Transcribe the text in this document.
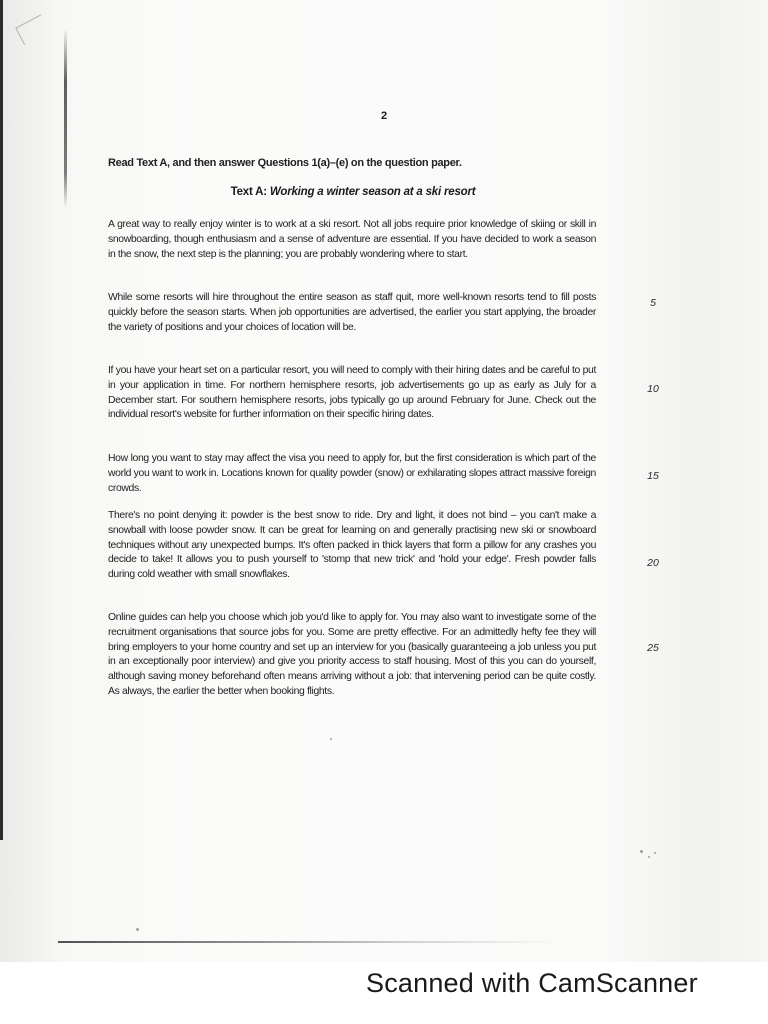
2
Read Text A, and then answer Questions 1(a)–(e) on the question paper.
Text A: Working a winter season at a ski resort
A great way to really enjoy winter is to work at a ski resort. Not all jobs require prior knowledge of skiing or skill in snowboarding, though enthusiasm and a sense of adventure are essential. If you have decided to work a season in the snow, the next step is the planning; you are probably wondering where to start.
While some resorts will hire throughout the entire season as staff quit, more well-known resorts tend to fill posts quickly before the season starts. When job opportunities are advertised, the earlier you start applying, the broader the variety of positions and your choices of location will be.
If you have your heart set on a particular resort, you will need to comply with their hiring dates and be careful to put in your application in time. For northern hemisphere resorts, job advertisements go up as early as July for a December start. For southern hemisphere resorts, jobs typically go up around February for June. Check out the individual resort's website for further information on their specific hiring dates.
How long you want to stay may affect the visa you need to apply for, but the first consideration is which part of the world you want to work in. Locations known for quality powder (snow) or exhilarating slopes attract massive foreign crowds.
There's no point denying it: powder is the best snow to ride. Dry and light, it does not bind – you can't make a snowball with loose powder snow. It can be great for learning on and generally practising new ski or snowboard techniques without any unexpected bumps. It's often packed in thick layers that form a pillow for any crashes you decide to take! It allows you to push yourself to 'stomp that new trick' and 'hold your edge'. Fresh powder falls during cold weather with small snowflakes.
Online guides can help you choose which job you'd like to apply for. You may also want to investigate some of the recruitment organisations that source jobs for you. Some are pretty effective. For an admittedly hefty fee they will bring employers to your home country and set up an interview for you (basically guaranteeing a job unless you put in an exceptionally poor interview) and give you priority access to staff housing. Most of this you can do yourself, although saving money beforehand often means arriving without a job: that intervening period can be quite costly. As always, the earlier the better when booking flights.
5
10
15
20
25
Scanned with CamScanner
